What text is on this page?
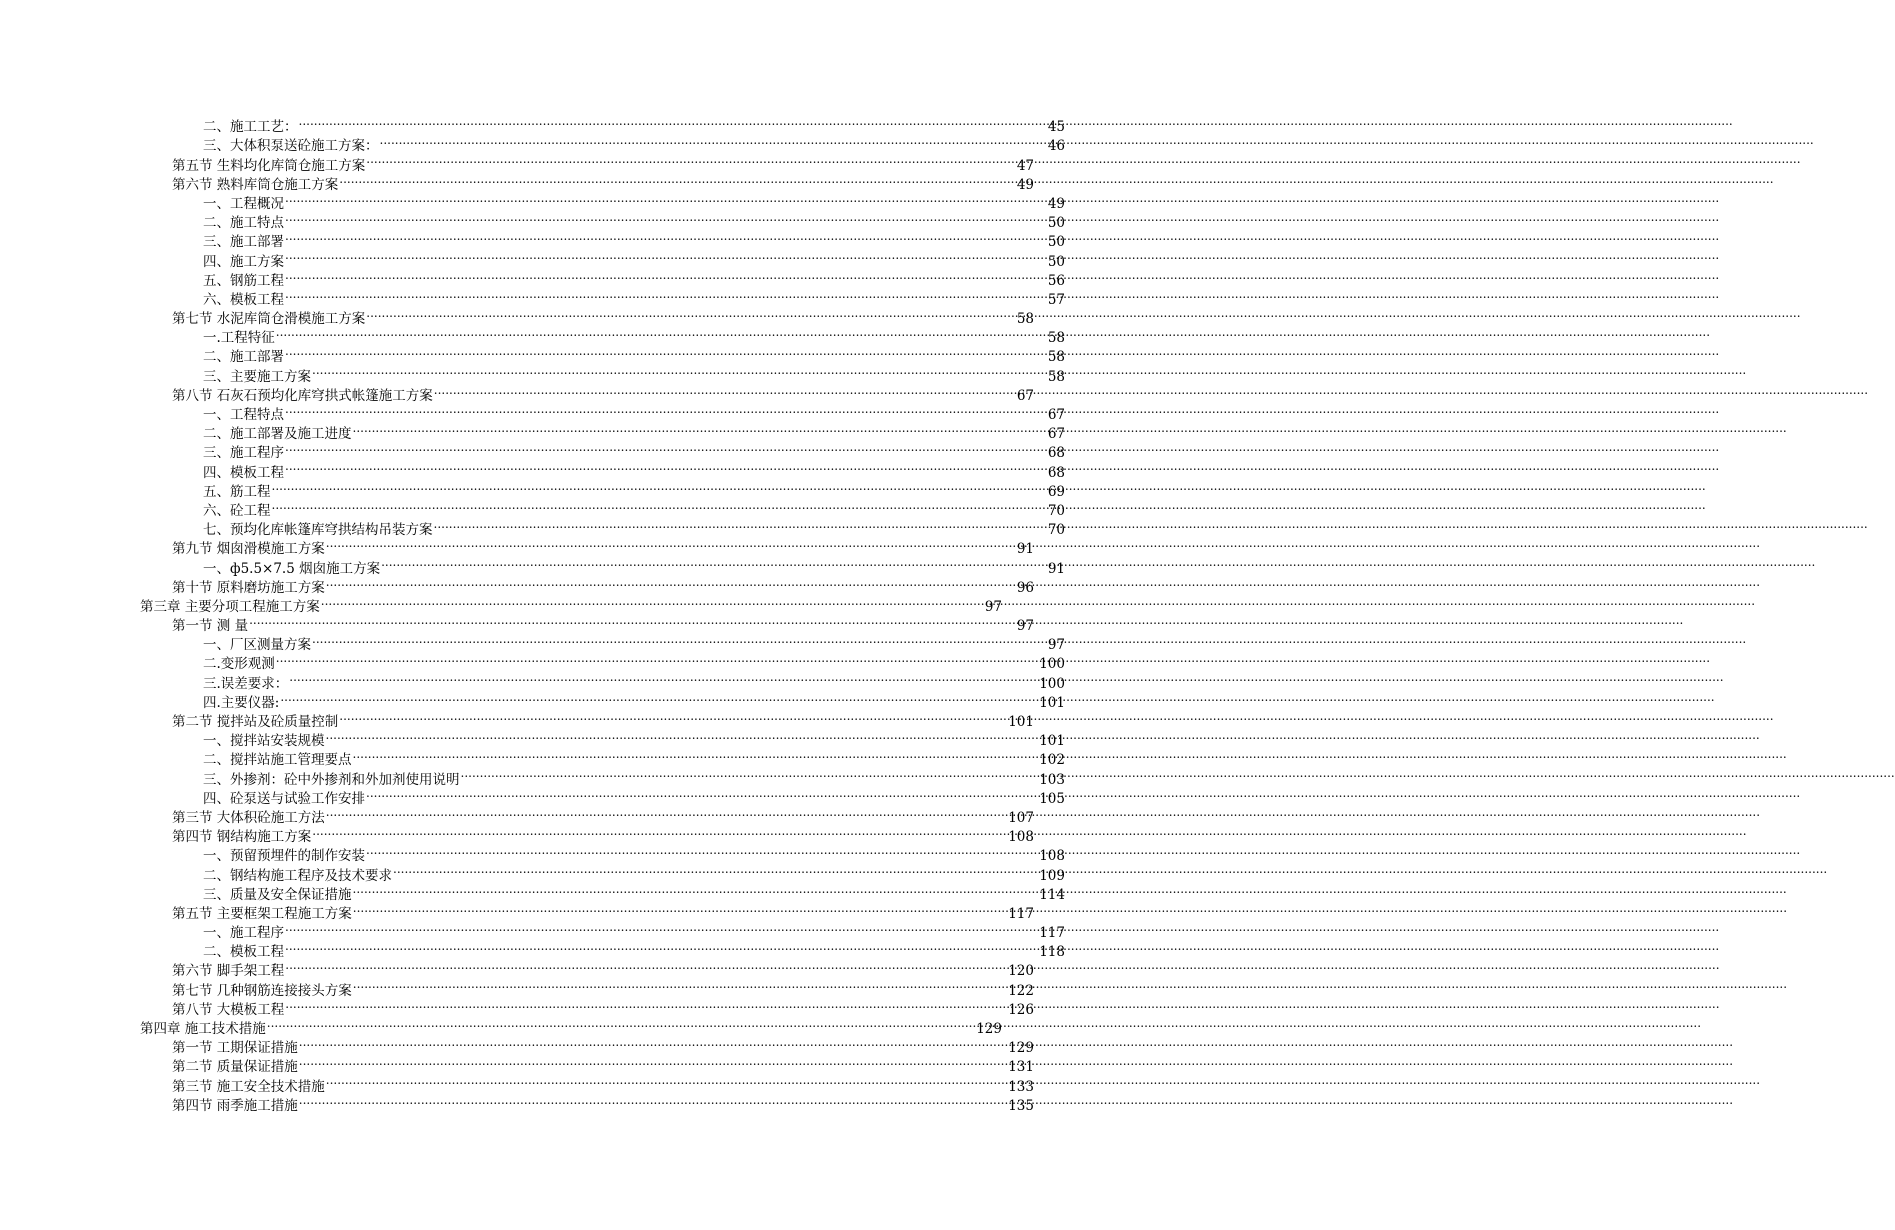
二、施工工艺： .....	45
三、大体积泵送砼施工方案： .....	46
第五节 生料均化库筒仓施工方案 .....	47
第六节 熟料库筒仓施工方案 .....	49
一、工程概况 .....	49
二、施工特点 .....	50
三、施工部署 .....	50
四、施工方案 .....	50
五、钢筋工程 .....	56
六、模板工程 .....	57
第七节 水泥库筒仓滑模施工方案 .....	58
一.工程特征 .....	58
二、施工部署 .....	58
三、主要施工方案 .....	58
第八节 石灰石预均化库穹拱式帐篷施工方案 .....	67
一、工程特点 .....	67
二、施工部署及施工进度 .....	67
三、施工程序 .....	68
四、模板工程 .....	68
五、筋工程 .....	69
六、砼工程 .....	70
七、预均化库帐篷库穹拱结构吊装方案 .....	70
第九节 烟囱滑模施工方案 .....	91
一、ф5.5×7.5 烟囱施工方案 .....	91
第十节 原料磨坊施工方案 .....	96
第三章 主要分项工程施工方案 .....	97
第一节 测 量 .....	97
一、厂区测量方案 .....	97
二.变形观测 .....	100
三.误差要求： .....	100
四.主要仪器: .....	101
第二节 搅拌站及砼质量控制 .....	101
一、搅拌站安装规模 .....	101
二、搅拌站施工管理要点 .....	102
三、外掺剂：砼中外掺剂和外加剂使用说明 .....	103
四、砼泵送与试验工作安排 .....	105
第三节 大体积砼施工方法 .....	107
第四节 钢结构施工方案 .....	108
一、预留预埋件的制作安装 .....	108
二、钢结构施工程序及技术要求 .....	109
三、质量及安全保证措施 .....	114
第五节 主要框架工程施工方案 .....	117
一、施工程序 .....	117
二、模板工程 .....	118
第六节 脚手架工程 .....	120
第七节 几种钢筋连接接头方案 .....	122
第八节 大模板工程 .....	126
第四章 施工技术措施 .....	129
第一节 工期保证措施 .....	129
第二节 质量保证措施 .....	131
第三节 施工安全技术措施 .....	133
第四节 雨季施工措施 .....	135
